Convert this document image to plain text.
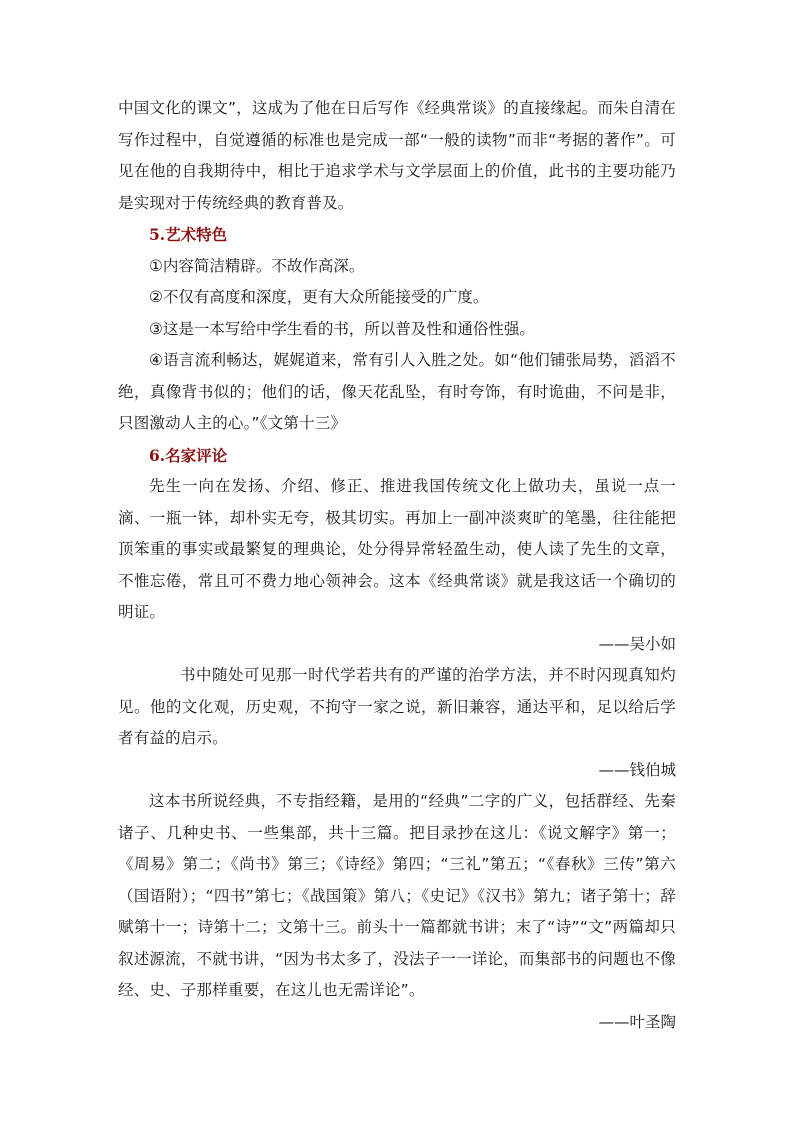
中国文化的课文”，这成为了他在日后写作《经典常谈》的直接缘起。而朱自清在写作过程中，自觉遵循的标准也是完成一部“一般的读物”而非“考据的著作”。可见在他的自我期待中，相比于追求学术与文学层面上的价值，此书的主要功能乃是实现对于传统经典的教育普及。

5.艺术特色

①内容简洁精辟。不故作高深。

②不仅有高度和深度，更有大众所能接受的广度。

③这是一本写给中学生看的书，所以普及性和通俗性强。

④语言流利畅达，娓娓道来，常有引人入胜之处。如“他们铺张局势，滔滔不绝，真像背书似的；他们的话，像天花乱坠，有时夸饰，有时诡曲，不问是非，只图激动人主的心。”《文第十三》

6.名家评论

先生一向在发扬、介绍、修正、推进我国传统文化上做功夫，虽说一点一滴、一瓶一钵，却朴实无夸，极其切实。再加上一副冲淡爽旷的笔墨，往往能把顶笨重的事实或最繁复的理典论，处分得异常轻盈生动，使人读了先生的文章，不惟忘倦，常且可不费力地心领神会。这本《经典常谈》就是我这话一个确切的明证。

——吴小如

书中随处可见那一时代学若共有的严谨的治学方法，并不时闪现真知灼见。他的文化观，历史观，不拘守一家之说，新旧兼容，通达平和，足以给后学者有益的启示。

——钱伯城

这本书所说经典，不专指经籍，是用的“经典”二字的广义，包括群经、先秦诸子、几种史书、一些集部，共十三篇。把目录抄在这儿：《说文解字》第一；《周易》第二；《尚书》第三；《诗经》第四；“三礼”第五；“《春秋》三传”第六（国语附）；“四书”第七；《战国策》第八；《史记》《汉书》第九；诸子第十；辞赋第十一；诗第十二；文第十三。前头十一篇都就书讲；末了“诗”“文”两篇却只叙述源流，不就书讲，“因为书太多了，没法子一一详论，而集部书的问题也不像经、史、子那样重要，在这儿也无需详论”。

——叶圣陶
